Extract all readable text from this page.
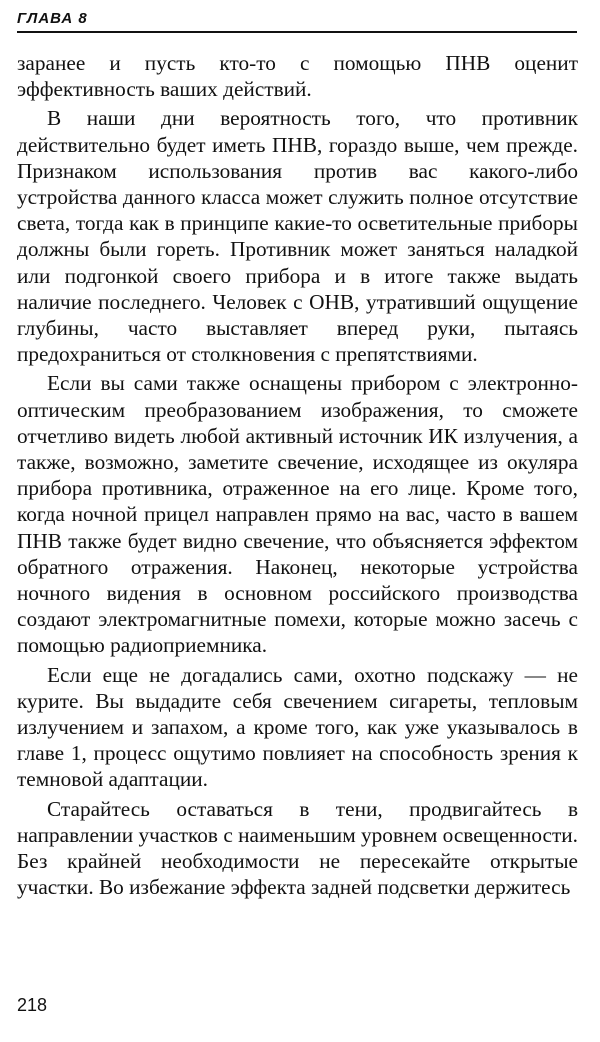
ГЛАВА 8

заранее и пусть кто-то с помощью ПНВ оценит эффективность ваших действий.

В наши дни вероятность того, что противник действительно будет иметь ПНВ, гораздо выше, чем прежде. Признаком использования против вас какого-либо устройства данного класса может служить полное отсутствие света, тогда как в принципе какие-то осветительные приборы должны были гореть. Противник может заняться наладкой или подгонкой своего прибора и в итоге также выдать наличие последнего. Человек с ОНВ, утративший ощущение глубины, часто выставляет вперед руки, пытаясь предохраниться от столкновения с препятствиями.

Если вы сами также оснащены прибором с электронно-оптическим преобразованием изображения, то сможете отчетливо видеть любой активный источник ИК излучения, а также, возможно, заметите свечение, исходящее из окуляра прибора противника, отраженное на его лице. Кроме того, когда ночной прицел направлен прямо на вас, часто в вашем ПНВ также будет видно свечение, что объясняется эффектом обратного отражения. Наконец, некоторые устройства ночного видения в основном российского производства создают электромагнитные помехи, которые можно засечь с помощью радиоприемника.

Если еще не догадались сами, охотно подскажу — не курите. Вы выдадите себя свечением сигареты, тепловым излучением и запахом, а кроме того, как уже указывалось в главе 1, процесс ощутимо повлияет на способность зрения к темновой адаптации.

Старайтесь оставаться в тени, продвигайтесь в направлении участков с наименьшим уровнем освещенности. Без крайней необходимости не пересекайте открытые участки. Во избежание эффекта задней подсветки держитесь

218
